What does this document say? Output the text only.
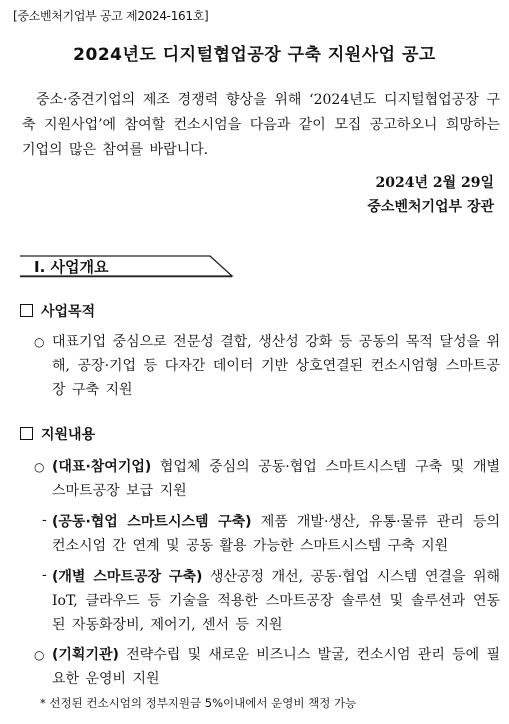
[중소벤처기업부 공고 제2024-161호]
2024년도 디지털협업공장 구축 지원사업 공고
중소·중견기업의 제조 경쟁력 향상을 위해 ‘2024년도 디지털협업공장 구축 지원사업’에 참여할 컨소시엄을 다음과 같이 모집 공고하오니 희망하는 기업의 많은 참여를 바랍니다.
2024년 2월 29일
중소벤처기업부 장관
Ⅰ. 사업개요
사업목적
○ 대표기업 중심으로 전문성 결합, 생산성 강화 등 공동의 목적 달성을 위해, 공장·기업 등 다자간 데이터 기반 상호연결된 컨소시엄형 스마트공장 구축 지원
지원내용
○ (대표·참여기업) 협업체 중심의 공동·협업 스마트시스템 구축 및 개별 스마트공장 보급 지원
- (공동·협업 스마트시스템 구축) 제품 개발·생산, 유통·물류 관리 등의 컨소시엄 간 연계 및 공동 활용 가능한 스마트시스템 구축 지원
- (개별 스마트공장 구축) 생산공정 개선, 공동·협업 시스템 연결을 위해 IoT, 클라우드 등 기술을 적용한 스마트공장 솔루션 및 솔루션과 연동된 자동화장비, 제어기, 센서 등 지원
○ (기획기관) 전략수립 및 새로운 비즈니스 발굴, 컨소시엄 관리 등에 필요한 운영비 지원
* 선정된 컨소시엄의 정부지원금 5%이내에서 운영비 책정 가능
